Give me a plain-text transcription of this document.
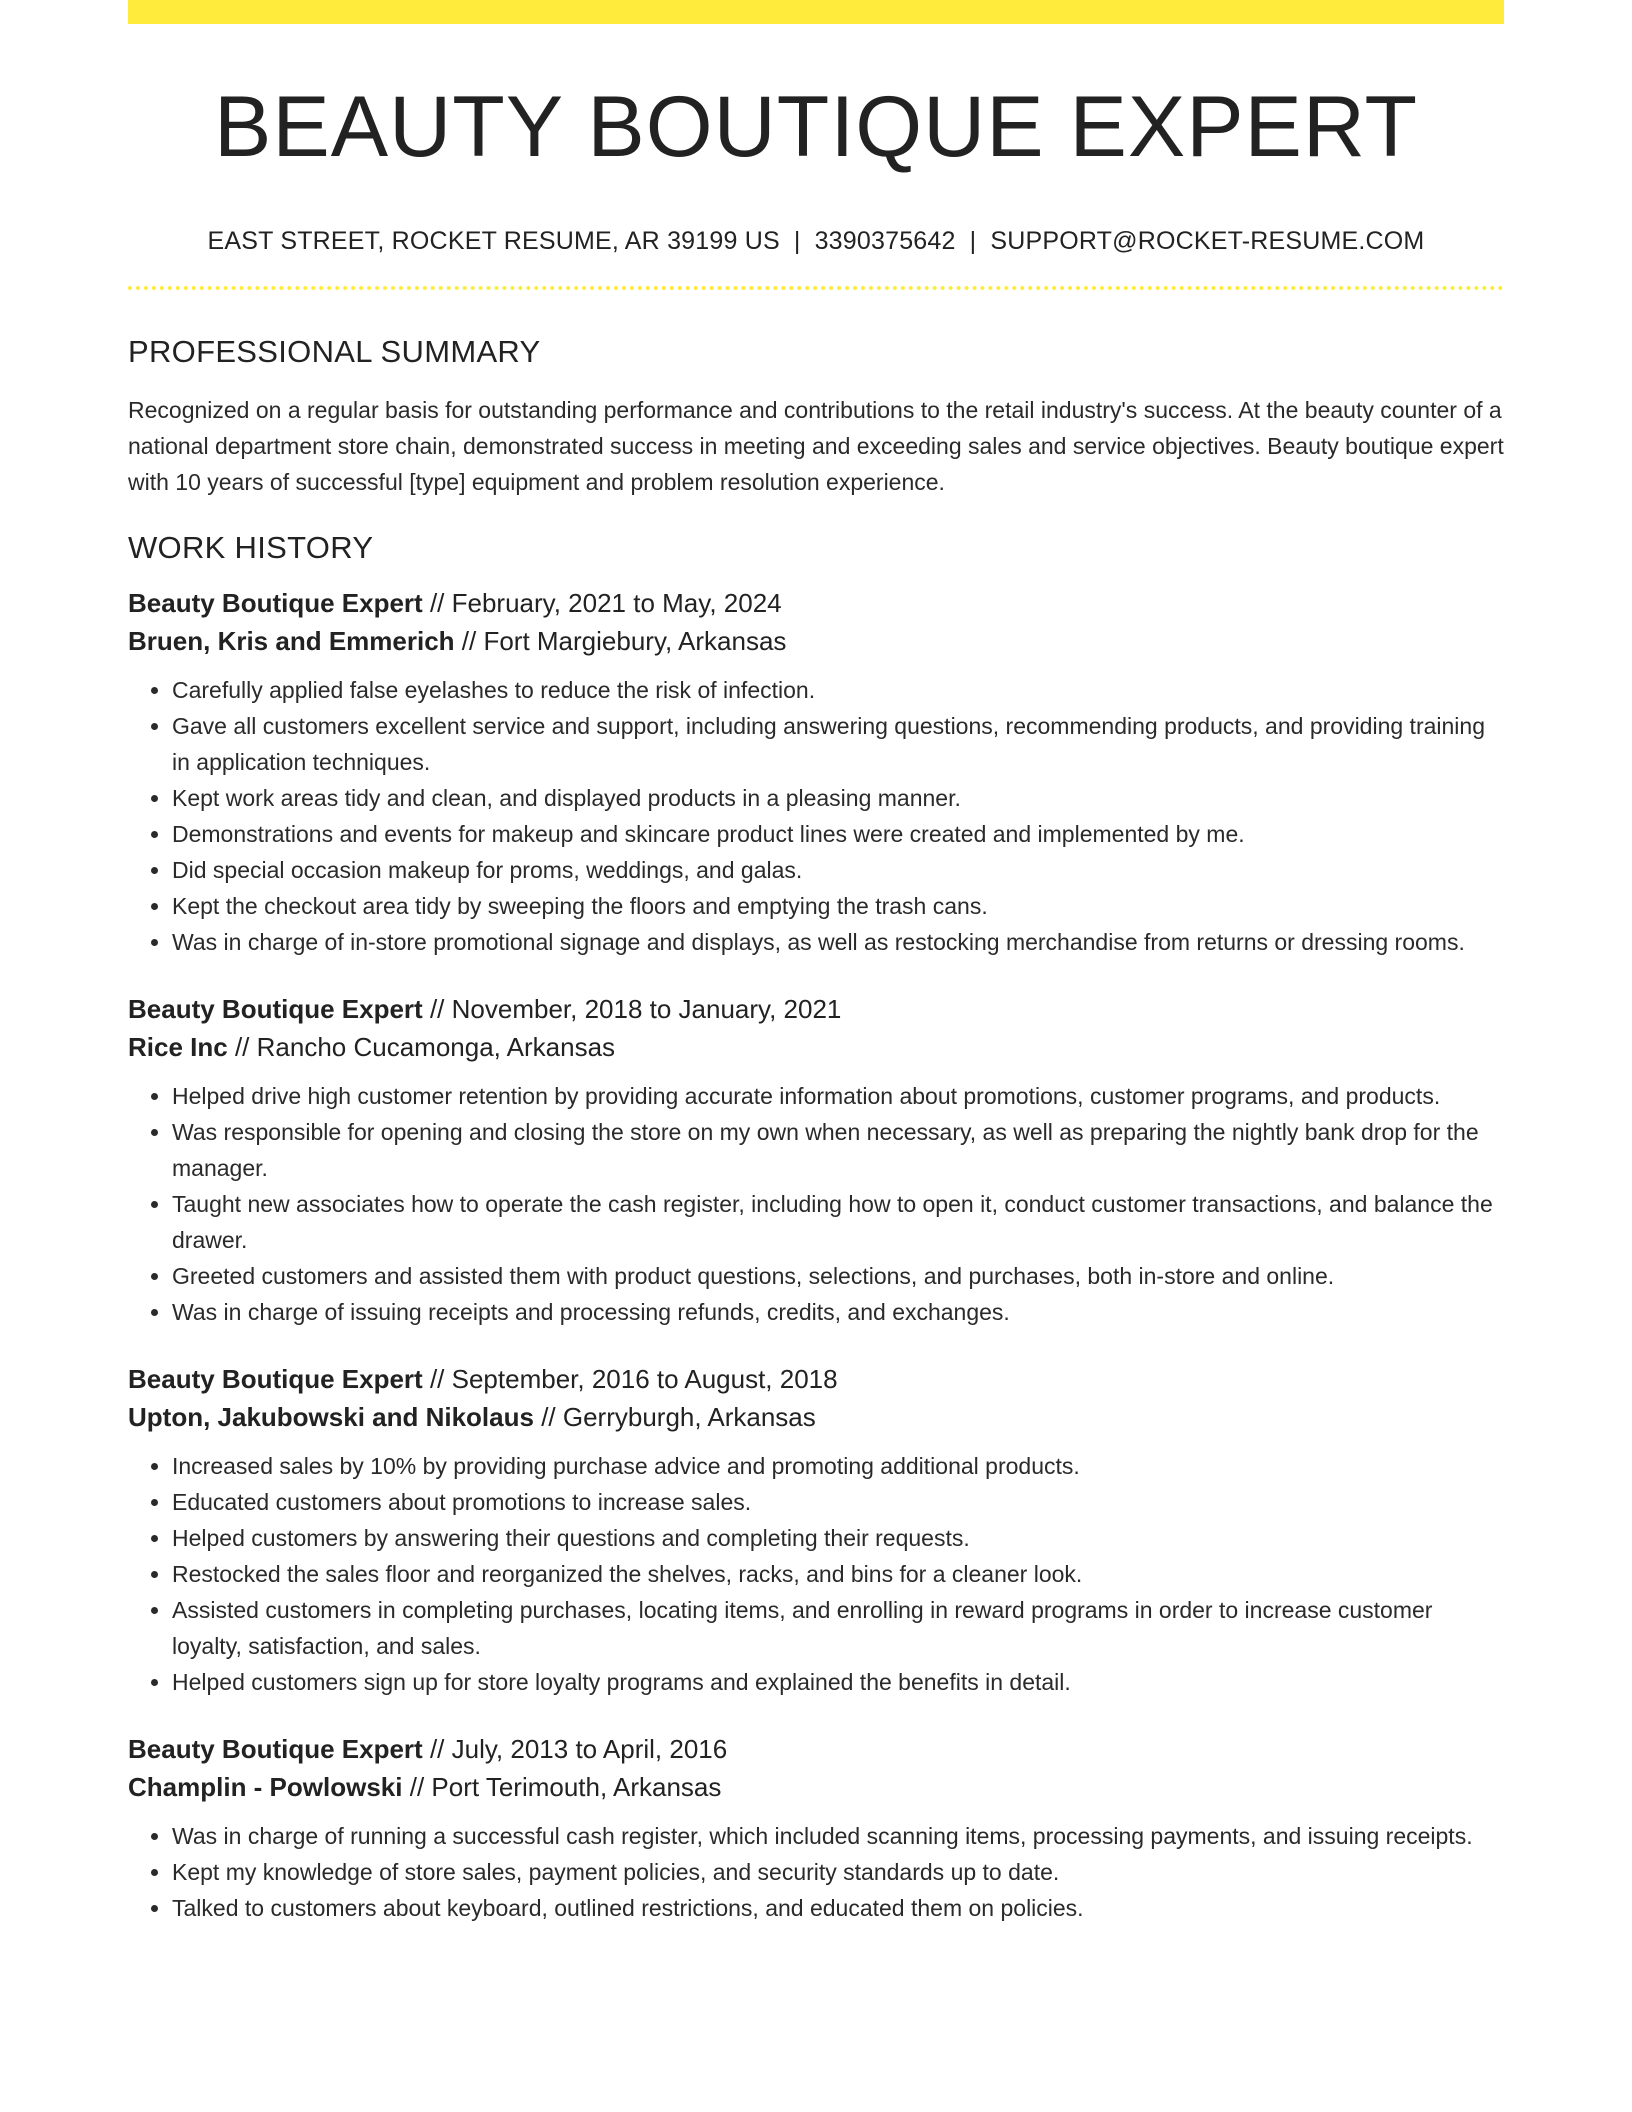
BEAUTY BOUTIQUE EXPERT
EAST STREET, ROCKET RESUME, AR 39199 US | 3390375642 | SUPPORT@ROCKET-RESUME.COM
PROFESSIONAL SUMMARY
Recognized on a regular basis for outstanding performance and contributions to the retail industry's success. At the beauty counter of a national department store chain, demonstrated success in meeting and exceeding sales and service objectives. Beauty boutique expert with 10 years of successful [type] equipment and problem resolution experience.
WORK HISTORY
Beauty Boutique Expert // February, 2021 to May, 2024
Bruen, Kris and Emmerich // Fort Margiebury, Arkansas
• Carefully applied false eyelashes to reduce the risk of infection.
• Gave all customers excellent service and support, including answering questions, recommending products, and providing training in application techniques.
• Kept work areas tidy and clean, and displayed products in a pleasing manner.
• Demonstrations and events for makeup and skincare product lines were created and implemented by me.
• Did special occasion makeup for proms, weddings, and galas.
• Kept the checkout area tidy by sweeping the floors and emptying the trash cans.
• Was in charge of in-store promotional signage and displays, as well as restocking merchandise from returns or dressing rooms.
Beauty Boutique Expert // November, 2018 to January, 2021
Rice Inc // Rancho Cucamonga, Arkansas
• Helped drive high customer retention by providing accurate information about promotions, customer programs, and products.
• Was responsible for opening and closing the store on my own when necessary, as well as preparing the nightly bank drop for the manager.
• Taught new associates how to operate the cash register, including how to open it, conduct customer transactions, and balance the drawer.
• Greeted customers and assisted them with product questions, selections, and purchases, both in-store and online.
• Was in charge of issuing receipts and processing refunds, credits, and exchanges.
Beauty Boutique Expert // September, 2016 to August, 2018
Upton, Jakubowski and Nikolaus // Gerryburgh, Arkansas
• Increased sales by 10% by providing purchase advice and promoting additional products.
• Educated customers about promotions to increase sales.
• Helped customers by answering their questions and completing their requests.
• Restocked the sales floor and reorganized the shelves, racks, and bins for a cleaner look.
• Assisted customers in completing purchases, locating items, and enrolling in reward programs in order to increase customer loyalty, satisfaction, and sales.
• Helped customers sign up for store loyalty programs and explained the benefits in detail.
Beauty Boutique Expert // July, 2013 to April, 2016
Champlin - Powlowski // Port Terimouth, Arkansas
• Was in charge of running a successful cash register, which included scanning items, processing payments, and issuing receipts.
• Kept my knowledge of store sales, payment policies, and security standards up to date.
• Talked to customers about keyboard, outlined restrictions, and educated them on policies.
